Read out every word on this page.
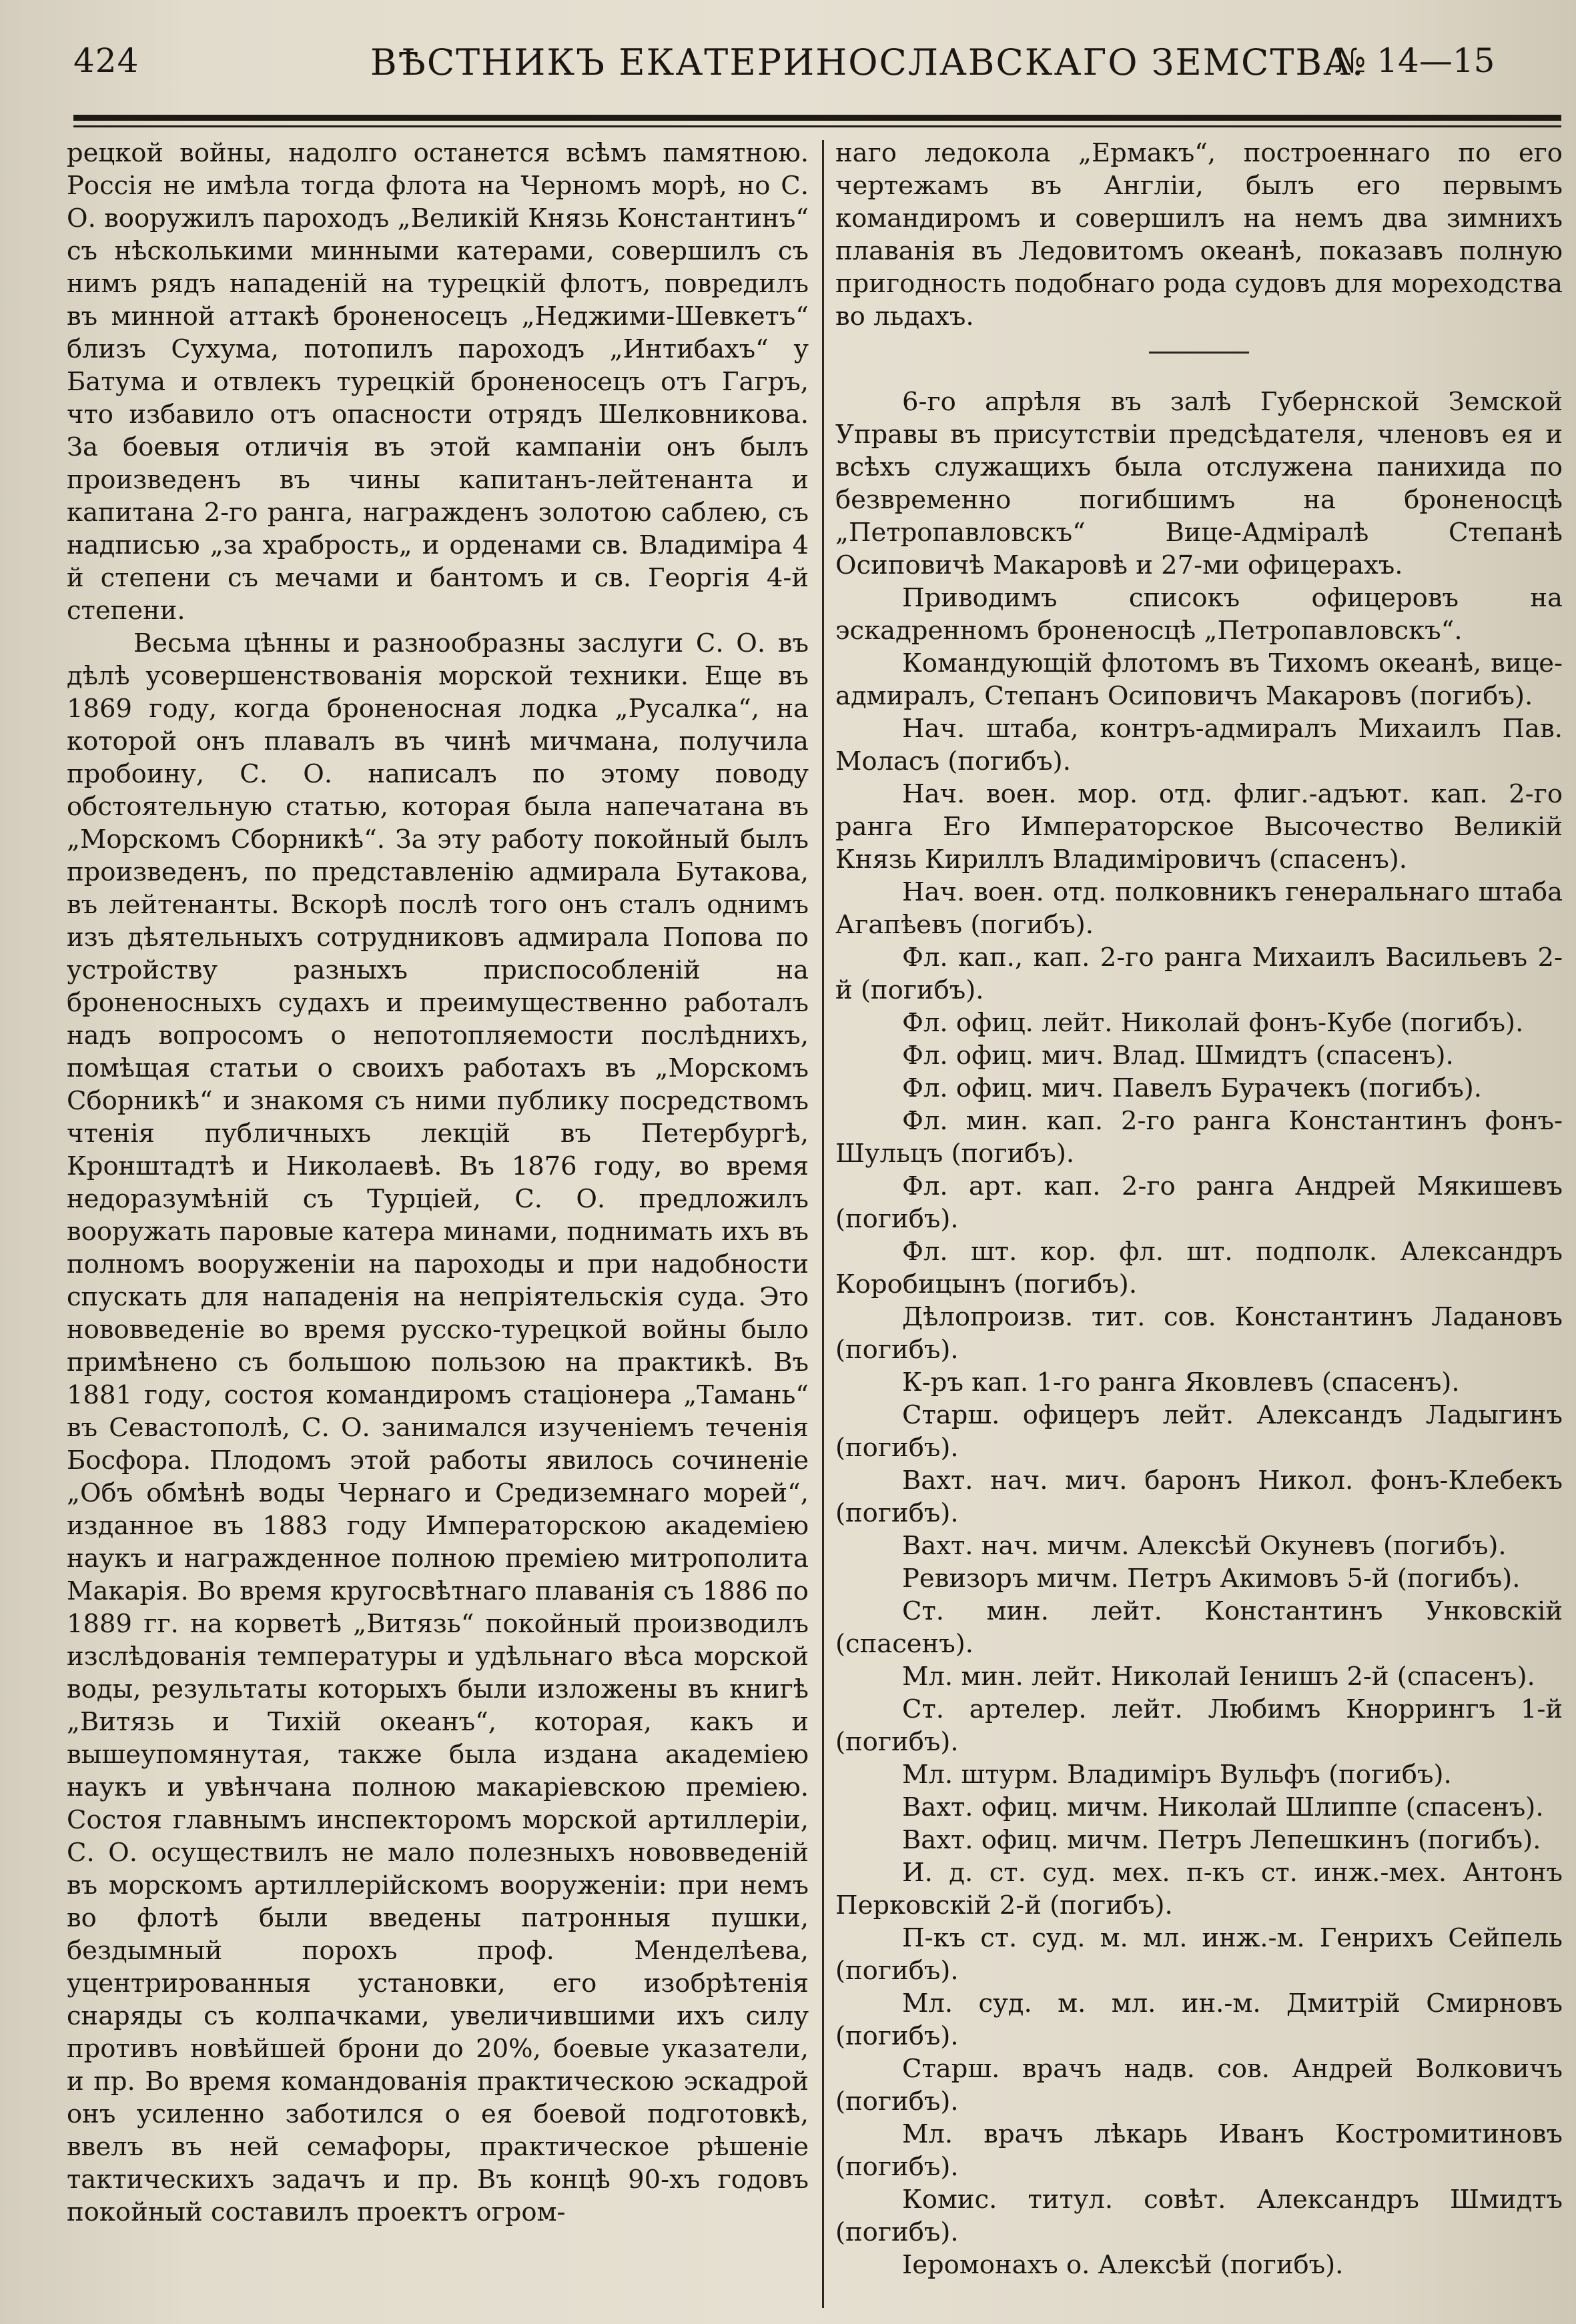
424	ВѢСТНИКЪ ЕКАТЕРИНОСЛАВСКАГО ЗЕМСТВА.
№ 14—15

рецкой войны, надолго останется всѣмъ памятною. Россія не имѣла тогда флота на Черномъ морѣ, но С. О. вооружилъ пароходъ „Великій Князь Константинъ“ съ нѣсколькими минными катерами, совершилъ съ нимъ рядъ нападеній на турецкій флотъ, повредилъ въ минной аттакѣ броненосецъ „Неджими-Шевкетъ“ близъ Сухума, потопилъ пароходъ „Интибахъ“ у Батума и отвлекъ турецкій броненосецъ отъ Гагръ, что избавило отъ опасности отрядъ Шелковникова. За боевыя отличія въ этой кампаніи онъ былъ произведенъ въ чины капитанъ-лейтенанта и капитана 2-го ранга, награжденъ золотою саблею, съ надписью „за храбрость„ и орденами св. Владиміра 4 й степени съ мечами и бантомъ и св. Георгія 4-й степени.

Весьма цѣнны и разнообразны заслуги С. О. въ дѣлѣ усовершенствованія морской техники. Еще въ 1869 году, когда броненосная лодка „Русалка“, на которой онъ плавалъ въ чинѣ мичмана, получила пробоину, С. О. написалъ по этому поводу обстоятельную статью, которая была напечатана въ „Морскомъ Сборникѣ“. За эту работу покойный былъ произведенъ, по представленію адмирала Бутакова, въ лейтенанты. Вскорѣ послѣ того онъ сталъ однимъ изъ дѣятельныхъ сотрудниковъ адмирала Попова по устройству разныхъ приспособленій на броненосныхъ судахъ и преимущественно работалъ надъ вопросомъ о непотопляемости послѣднихъ, помѣщая статьи о своихъ работахъ въ „Морскомъ Сборникѣ“ и знакомя съ ними публику посредствомъ чтенія публичныхъ лекцій въ Петербургѣ, Кронштадтѣ и Николаевѣ. Въ 1876 году, во время недоразумѣній съ Турціей, С. О. предложилъ вооружать паровые катера минами, поднимать ихъ въ полномъ вооруженіи на пароходы и при надобности спускать для нападенія на непріятельскія суда. Это нововведеніе во время русско-турецкой войны было примѣнено съ большою пользою на практикѣ. Въ 1881 году, состоя командиромъ стаціонера „Тамань“ въ Севастополѣ, С. О. занимался изученіемъ теченія Босфора. Плодомъ этой работы явилось сочиненіе „Объ обмѣнѣ воды Чернаго и Средиземнаго морей“, изданное въ 1883 году Императорскою академіею наукъ и награжденное полною преміею митрополита Макарія. Во время кругосвѣтнаго плаванія съ 1886 по 1889 гг. на корветѣ „Витязь“ покойный производилъ изслѣдованія температуры и удѣльнаго вѣса морской воды, результаты которыхъ были изложены въ книгѣ „Витязь и Тихій океанъ“, которая, какъ и вышеупомянутая, также была издана академіею наукъ и увѣнчана полною макаріевскою преміею. Состоя главнымъ инспекторомъ морской артиллеріи, С. О. осуществилъ не мало полезныхъ нововведеній въ морскомъ артиллерійскомъ вооруженіи: при немъ во флотѣ были введены патронныя пушки, бездымный порохъ проф. Менделѣева, уцентрированныя установки, его изобрѣтенія снаряды съ колпачками, увеличившими ихъ силу противъ новѣйшей брони до 20%, боевые указатели, и пр. Во время командованія практическою эскадрой онъ усиленно заботился о ея боевой подготовкѣ, ввелъ въ ней семафоры, практическое рѣшеніе тактическихъ задачъ и пр. Въ концѣ 90-хъ годовъ покойный составилъ проектъ огром-

наго ледокола „Ермакъ“, построеннаго по его чертежамъ въ Англіи, былъ его первымъ командиромъ и совершилъ на немъ два зимнихъ плаванія въ Ледовитомъ океанѣ, показавъ полную пригодность подобнаго рода судовъ для мореходства во льдахъ.

6-го апрѣля въ залѣ Губернской Земской Управы въ присутствіи предсѣдателя, членовъ ея и всѣхъ служащихъ была отслужена панихида по безвременно погибшимъ на броненосцѣ „Петропавловскъ“ Вице-Адміралѣ Степанѣ Осиповичѣ Макаровѣ и 27-ми офицерахъ.

Приводимъ списокъ офицеровъ на эскадренномъ броненосцѣ „Петропавловскъ“.

Командующій флотомъ въ Тихомъ океанѣ, вице-адмиралъ, Степанъ Осиповичъ Макаровъ (погибъ).

Нач. штаба, контръ-адмиралъ Михаилъ Пав. Моласъ (погибъ).

Нач. воен. мор. отд. флиг.-адъют. кап. 2-го ранга Его Императорское Высочество Великій Князь Кириллъ Владиміровичъ (спасенъ).

Нач. воен. отд. полковникъ генеральнаго штаба Агапѣевъ (погибъ).

Фл. кап., кап. 2-го ранга Михаилъ Васильевъ 2-й (погибъ).

Фл. офиц. лейт. Николай фонъ-Кубе (погибъ).

Фл. офиц. мич. Влад. Шмидтъ (спасенъ).

Фл. офиц. мич. Павелъ Бурачекъ (погибъ).

Фл. мин. кап. 2-го ранга Константинъ фонъ-Шульцъ (погибъ).

Фл. арт. кап. 2-го ранга Андрей Мякишевъ (погибъ).

Фл. шт. кор. фл. шт. подполк. Александръ Коробицынъ (погибъ).

Дѣлопроизв. тит. сов. Константинъ Ладановъ (погибъ).

К-ръ кап. 1-го ранга Яковлевъ (спасенъ).

Старш. офицеръ лейт. Александъ Ладыгинъ (погибъ).

Вахт. нач. мич. баронъ Никол. фонъ-Клебекъ (погибъ).

Вахт. нач. мичм. Алексѣй Окуневъ (погибъ).

Ревизоръ мичм. Петръ Акимовъ 5-й (погибъ).

Ст. мин. лейт. Константинъ Унковскій (спасенъ).

Мл. мин. лейт. Николай Іенишъ 2-й (спасенъ).

Ст. артелер. лейт. Любимъ Кноррингъ 1-й (погибъ).

Мл. штурм. Владиміръ Вульфъ (погибъ).

Вахт. офиц. мичм. Николай Шлиппе (спасенъ).

Вахт. офиц. мичм. Петръ Лепешкинъ (погибъ).

И. д. ст. суд. мех. п-къ ст. инж.-мех. Антонъ Перковскій 2-й (погибъ).

П-къ ст. суд. м. мл. инж.-м. Генрихъ Сейпель (погибъ).

Мл. суд. м. мл. ин.-м. Дмитрій Смирновъ (погибъ).

Старш. врачъ надв. сов. Андрей Волковичъ (погибъ).

Мл. врачъ лѣкарь Иванъ Костромитиновъ (погибъ).

Комис. титул. совѣт. Александръ Шмидтъ (погибъ).

Іеромонахъ о. Алексѣй (погибъ).
